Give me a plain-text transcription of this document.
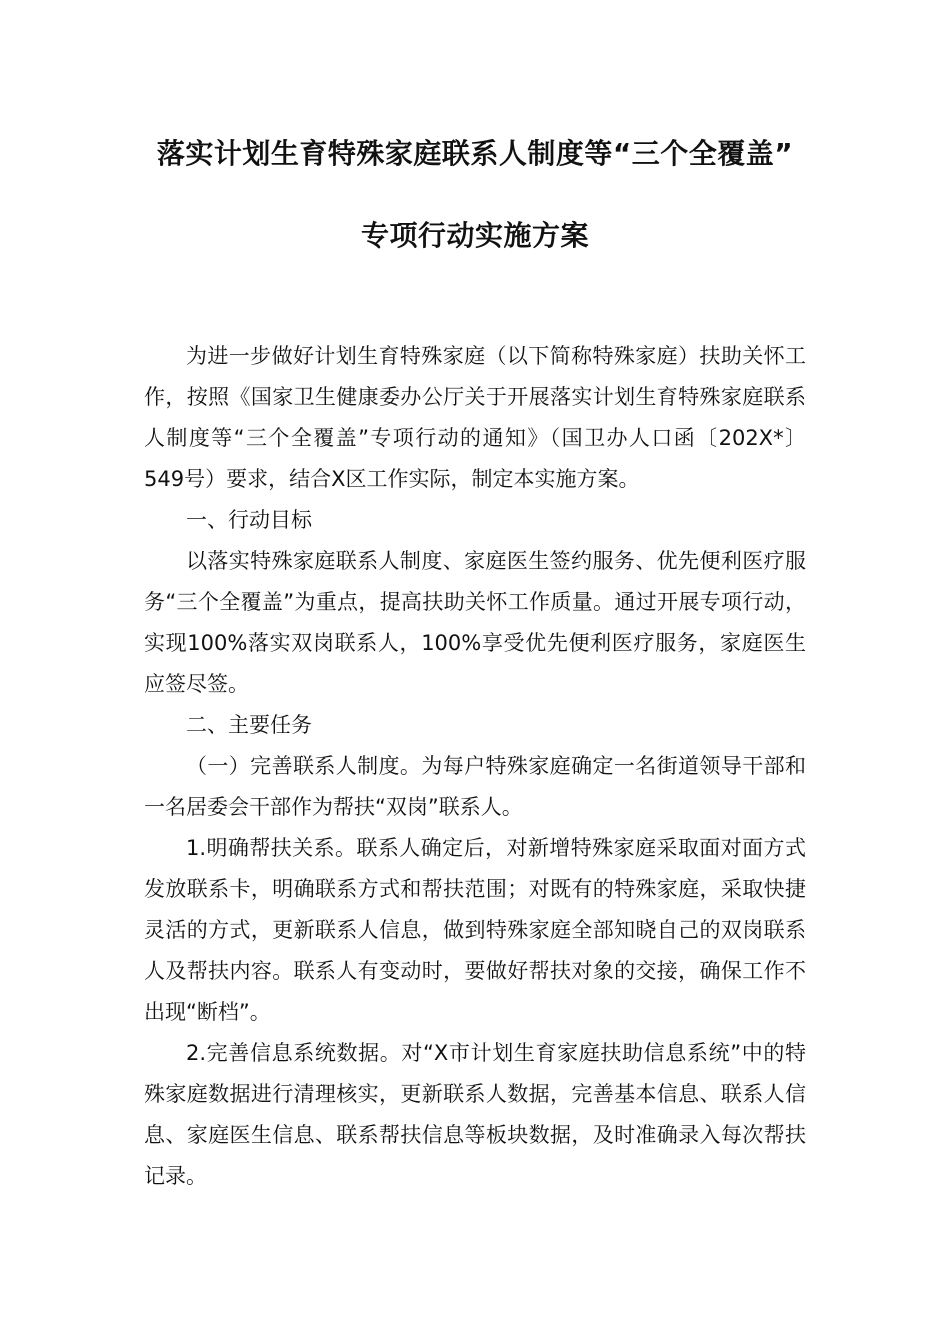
落实计划生育特殊家庭联系人制度等“三个全覆盖”
专项行动实施方案

为进一步做好计划生育特殊家庭（以下简称特殊家庭）扶助关怀工作，按照《国家卫生健康委办公厅关于开展落实计划生育特殊家庭联系人制度等“三个全覆盖”专项行动的通知》（国卫办人口函〔202X*〕549号）要求，结合X区工作实际，制定本实施方案。

一、行动目标

以落实特殊家庭联系人制度、家庭医生签约服务、优先便利医疗服务“三个全覆盖”为重点，提高扶助关怀工作质量。通过开展专项行动，实现100%落实双岗联系人，100%享受优先便利医疗服务，家庭医生应签尽签。

二、主要任务

（一）完善联系人制度。为每户特殊家庭确定一名街道领导干部和一名居委会干部作为帮扶“双岗”联系人。

1.明确帮扶关系。联系人确定后，对新增特殊家庭采取面对面方式发放联系卡，明确联系方式和帮扶范围；对既有的特殊家庭，采取快捷灵活的方式，更新联系人信息，做到特殊家庭全部知晓自己的双岗联系人及帮扶内容。联系人有变动时，要做好帮扶对象的交接，确保工作不出现“断档”。

2.完善信息系统数据。对“X市计划生育家庭扶助信息系统”中的特殊家庭数据进行清理核实，更新联系人数据，完善基本信息、联系人信息、家庭医生信息、联系帮扶信息等板块数据，及时准确录入每次帮扶记录。
